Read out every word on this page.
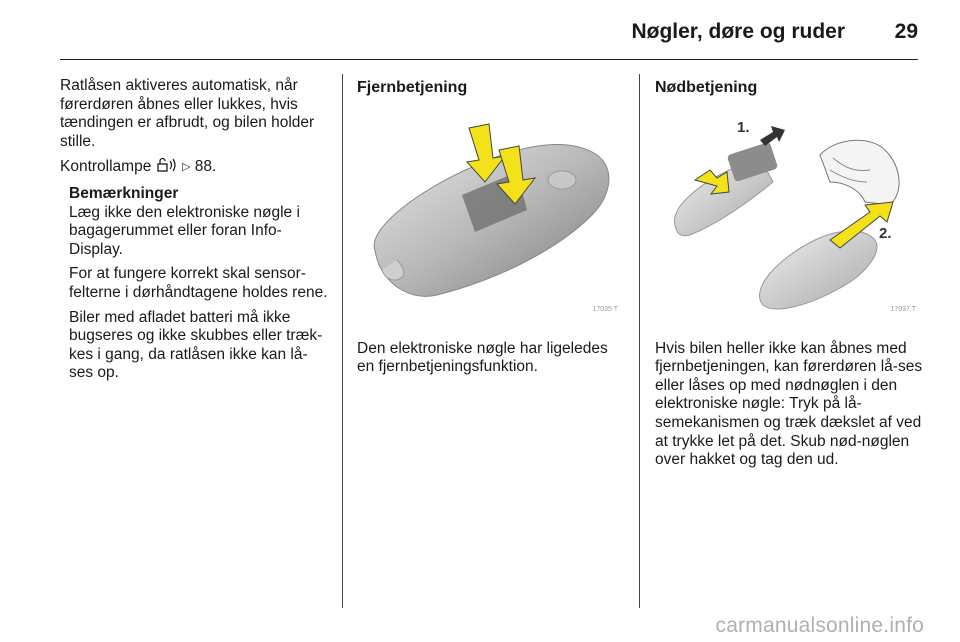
Nøgler, døre og ruder 29

Ratlåsen aktiveres automatisk, når førerdøren åbnes eller lukkes, hvis tændingen er afbrudt, og bilen holder stille.

Kontrollampe	▷ 88.

Bemærkninger

Læg ikke den elektroniske nøgle i bagagerummet eller foran Info-Display.

For at fungere korrekt skal sensor-felterne i dørhåndtagene holdes rene.

Biler med afladet batteri må ikke bugseres og ikke skubbes eller træk-kes i gang, da ratlåsen ikke kan lå-ses op.

Fjernbetjening
17035 T

Den elektroniske nøgle har ligeledes en fjernbetjeningsfunktion.

Nødbetjening
1.
2.
17037 T

Hvis bilen heller ikke kan åbnes med fjernbetjeningen, kan førerdøren lå-ses eller låses op med nødnøglen i den elektroniske nøgle: Tryk på lå-semekanismen og træk dækslet af ved at trykke let på det. Skub nød-nøglen over hakket og tag den ud.

carmanualsonline.info
